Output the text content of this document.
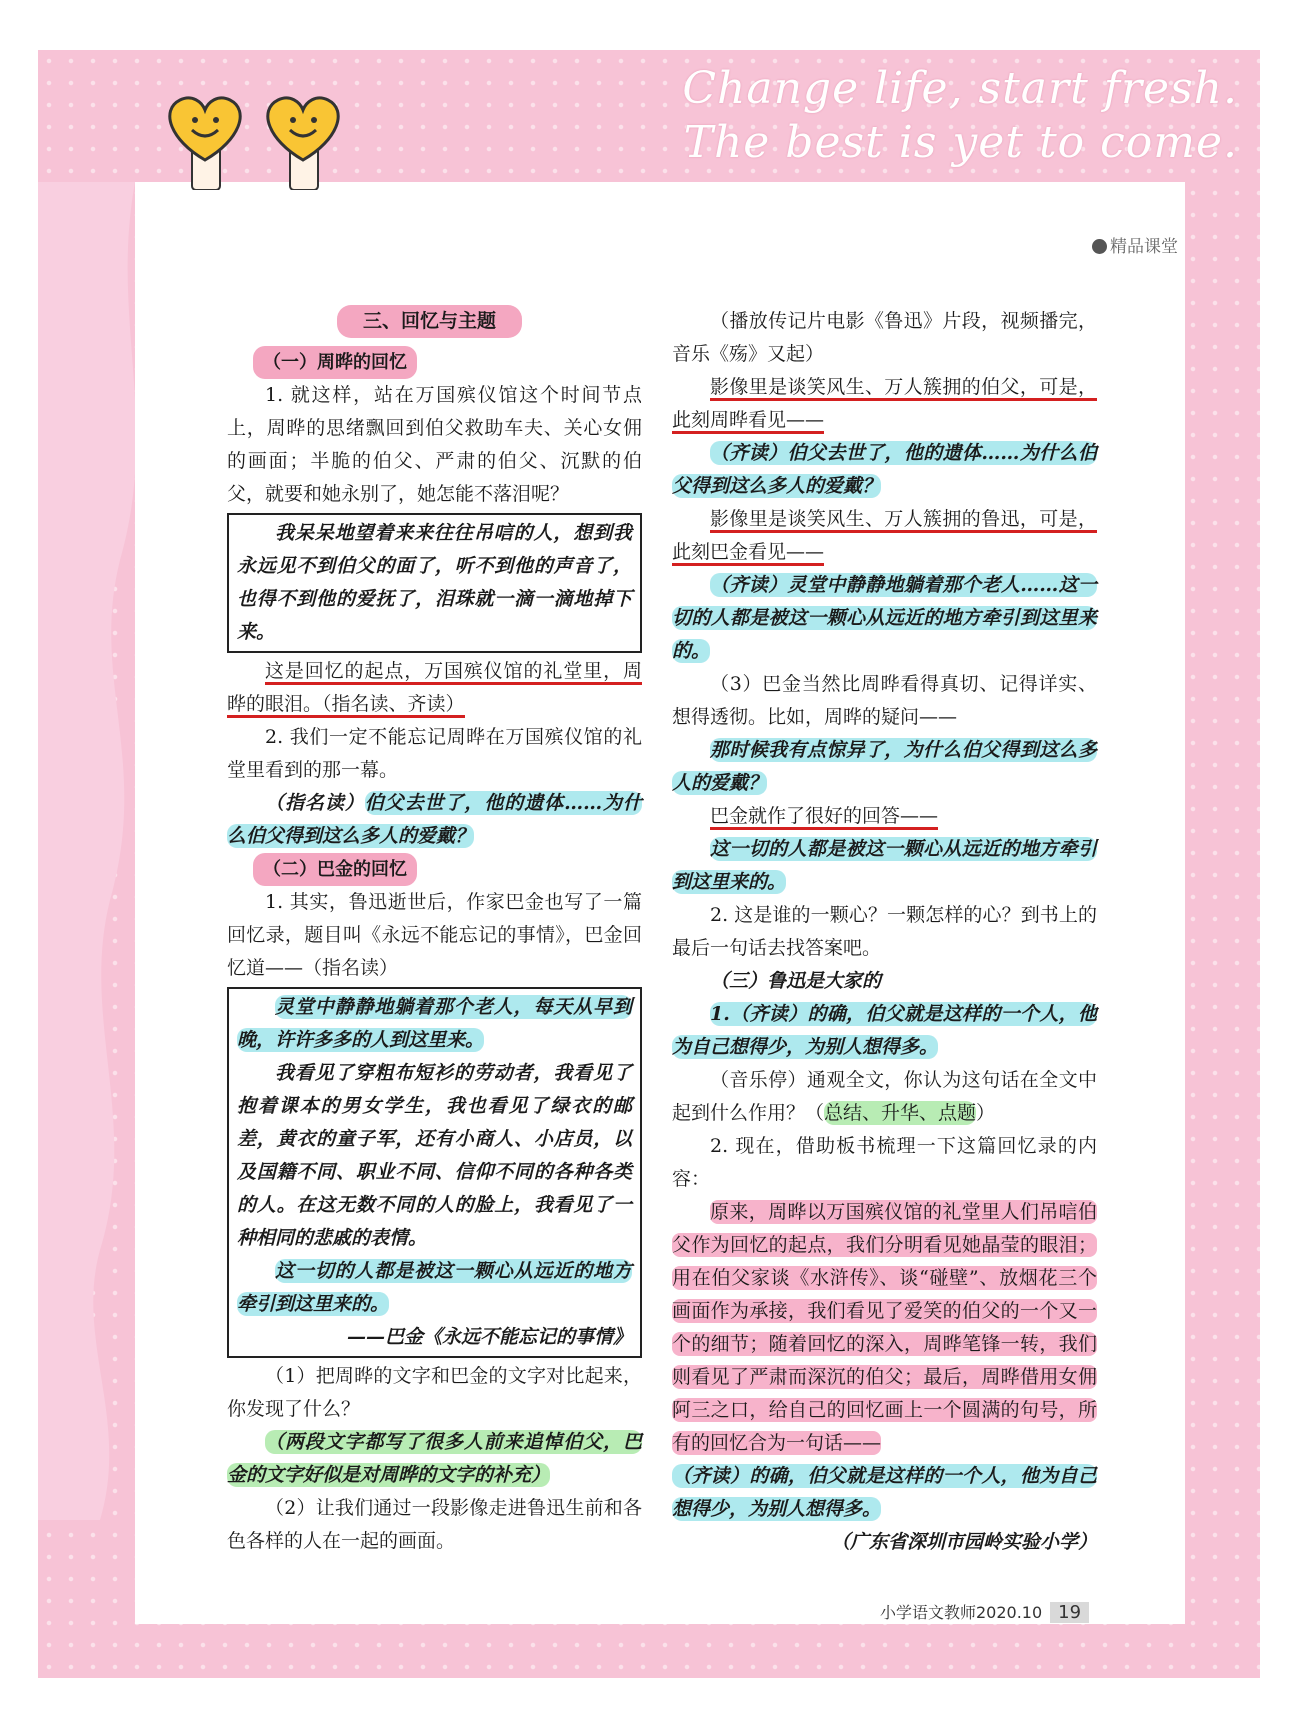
Change life, start fresh.
The best is yet to come.
精品课堂

三、回忆与主题

（一）周晔的回忆

1. 就这样，站在万国殡仪馆这个时间节点上，周晔的思绪飘回到伯父救助车夫、关心女佣的画面；半脆的伯父、严肃的伯父、沉默的伯父，就要和她永别了，她怎能不落泪呢？

我呆呆地望着来来往往吊唁的人，想到我永远见不到伯父的面了，听不到他的声音了，也得不到他的爱抚了，泪珠就一滴一滴地掉下来。

这是回忆的起点，万国殡仪馆的礼堂里，周晔的眼泪。（指名读、齐读）

2. 我们一定不能忘记周晔在万国殡仪馆的礼堂里看到的那一幕。

（指名读）伯父去世了，他的遗体……为什么伯父得到这么多人的爱戴？

（二）巴金的回忆

1. 其实，鲁迅逝世后，作家巴金也写了一篇回忆录，题目叫《永远不能忘记的事情》，巴金回忆道——（指名读）

灵堂中静静地躺着那个老人，每天从早到晚，许许多多的人到这里来。

我看见了穿粗布短衫的劳动者，我看见了抱着课本的男女学生，我也看见了绿衣的邮差，黄衣的童子军，还有小商人、小店员，以及国籍不同、职业不同、信仰不同的各种各类的人。在这无数不同的人的脸上，我看见了一种相同的悲戚的表情。

这一切的人都是被这一颗心从远近的地方牵引到这里来的。

——巴金《永远不能忘记的事情》

（1）把周晔的文字和巴金的文字对比起来，你发现了什么？

（两段文字都写了很多人前来追悼伯父，巴金的文字好似是对周晔的文字的补充）

（2）让我们通过一段影像走进鲁迅生前和各色各样的人在一起的画面。

（播放传记片电影《鲁迅》片段，视频播完，音乐《殇》又起）

影像里是谈笑风生、万人簇拥的伯父，可是，此刻周晔看见——

（齐读）伯父去世了，他的遗体……为什么伯父得到这么多人的爱戴？

影像里是谈笑风生、万人簇拥的鲁迅，可是，此刻巴金看见——

（齐读）灵堂中静静地躺着那个老人……这一切的人都是被这一颗心从远近的地方牵引到这里来的。

（3）巴金当然比周晔看得真切、记得详实、想得透彻。比如，周晔的疑问——

那时候我有点惊异了，为什么伯父得到这么多人的爱戴？

巴金就作了很好的回答——

这一切的人都是被这一颗心从远近的地方牵引到这里来的。

2. 这是谁的一颗心？一颗怎样的心？到书上的最后一句话去找答案吧。

（三）鲁迅是大家的

1.（齐读）的确，伯父就是这样的一个人，他为自己想得少，为别人想得多。

（音乐停）通观全文，你认为这句话在全文中起到什么作用？（总结、升华、点题）

2. 现在，借助板书梳理一下这篇回忆录的内容：

原来，周晔以万国殡仪馆的礼堂里人们吊唁伯父作为回忆的起点，我们分明看见她晶莹的眼泪；用在伯父家谈《水浒传》、谈“碰壁”、放烟花三个画面作为承接，我们看见了爱笑的伯父的一个又一个的细节；随着回忆的深入，周晔笔锋一转，我们则看见了严肃而深沉的伯父；最后，周晔借用女佣阿三之口，给自己的回忆画上一个圆满的句号，所有的回忆合为一句话——

（齐读）的确，伯父就是这样的一个人，他为自己想得少，为别人想得多。

（广东省深圳市园岭实验小学）

小学语文教师2020.10 19
